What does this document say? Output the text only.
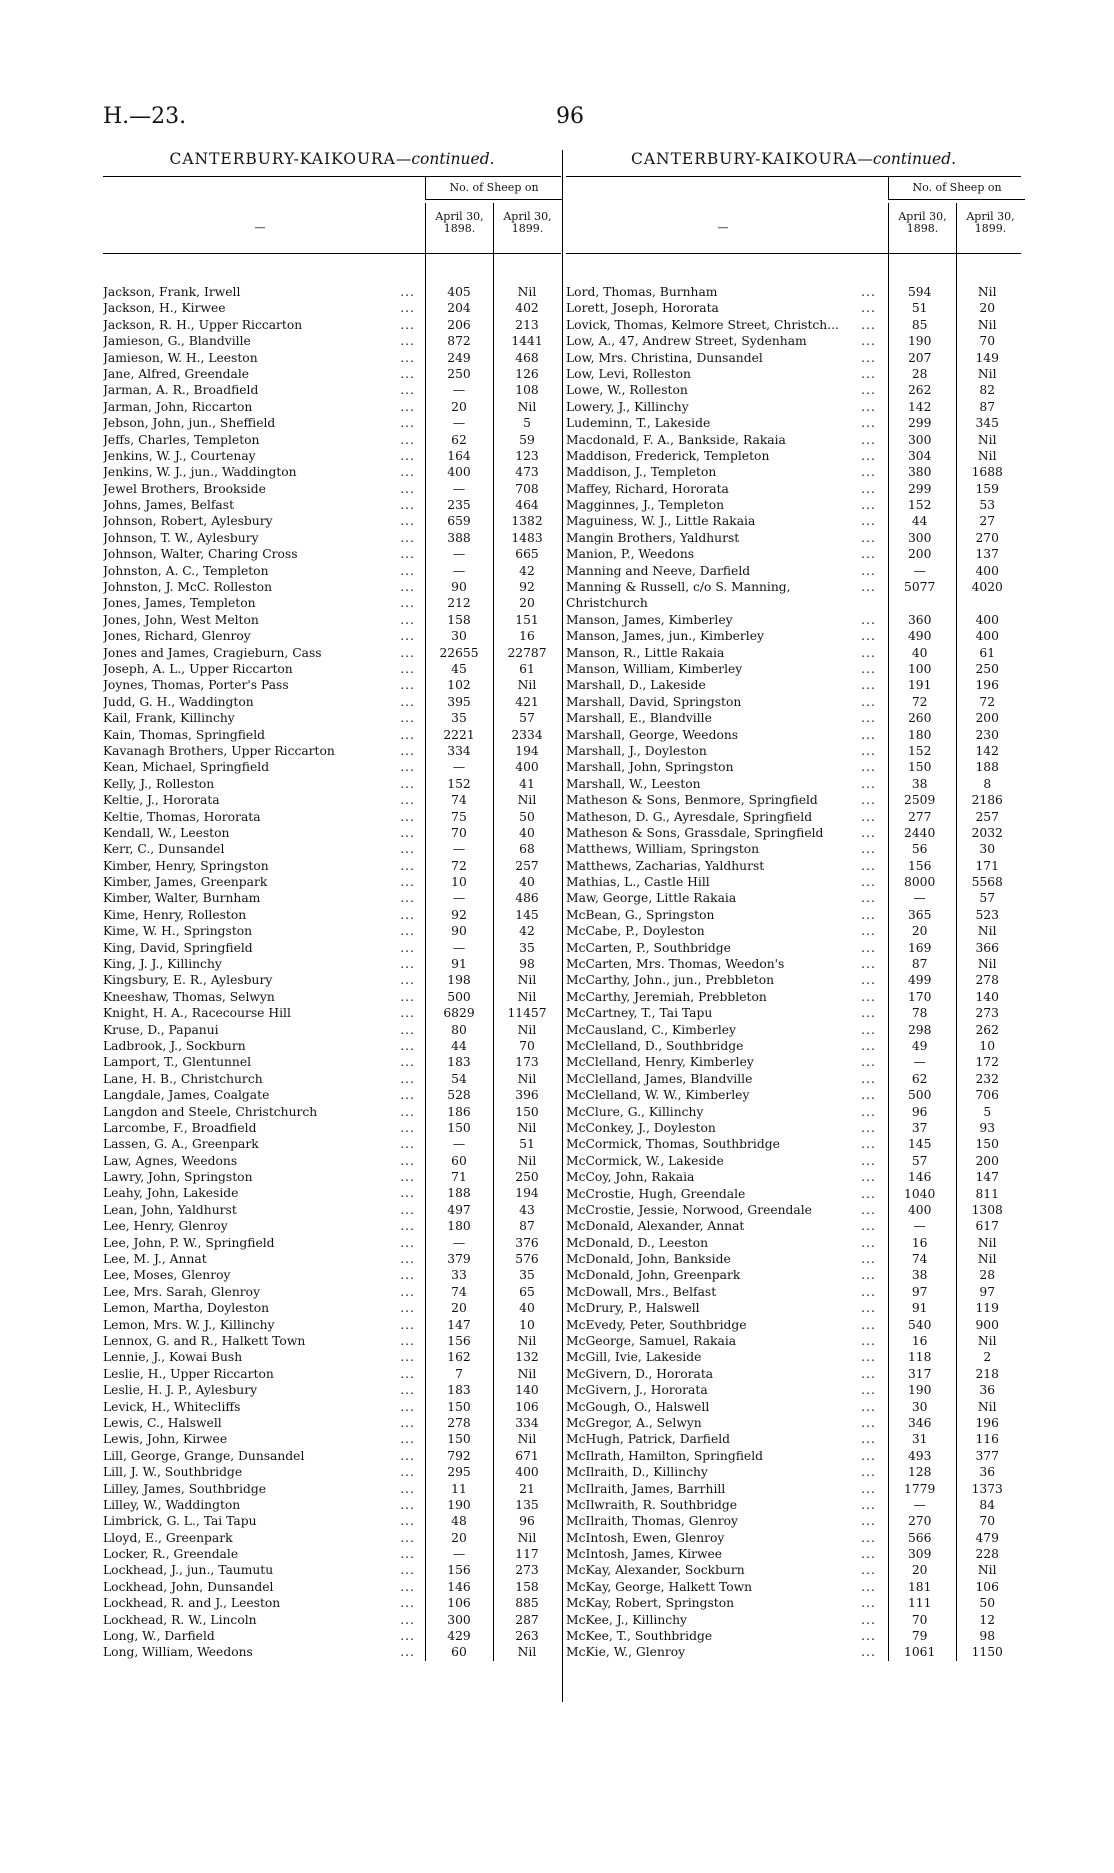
H.—23.	96
CANTERBURY-KAIKOURA—continued.
—
No. of Sheep on
April 30, 1898.
April 30, 1899.
Jackson, Frank, Irwell	...	405	Nil
Jackson, H., Kirwee	...	204	402
Jackson, R. H., Upper Riccarton	...	206	213
Jamieson, G., Blandville	...	872	1441
Jamieson, W. H., Leeston	...	249	468
Jane, Alfred, Greendale	...	250	126
Jarman, A. R., Broadfield	...	—	108
Jarman, John, Riccarton	...	20	Nil
Jebson, John, jun., Sheffield	...	—	5
Jeffs, Charles, Templeton	...	62	59
Jenkins, W. J., Courtenay	...	164	123
Jenkins, W. J., jun., Waddington	...	400	473
Jewel Brothers, Brookside	...	—	708
Johns, James, Belfast	...	235	464
Johnson, Robert, Aylesbury	...	659	1382
Johnson, T. W., Aylesbury	...	388	1483
Johnson, Walter, Charing Cross	...	—	665
Johnston, A. C., Templeton	...	—	42
Johnston, J. McC. Rolleston	...	90	92
Jones, James, Templeton	...	212	20
Jones, John, West Melton	...	158	151
Jones, Richard, Glenroy	...	30	16
Jones and James, Cragieburn, Cass	...	22655	22787
Joseph, A. L., Upper Riccarton	...	45	61
Joynes, Thomas, Porter's Pass	...	102	Nil
Judd, G. H., Waddington	...	395	421
Kail, Frank, Killinchy	...	35	57
Kain, Thomas, Springfield	...	2221	2334
Kavanagh Brothers, Upper Riccarton	...	334	194
Kean, Michael, Springfield	...	—	400
Kelly, J., Rolleston	...	152	41
Keltie, J., Hororata	...	74	Nil
Keltie, Thomas, Hororata	...	75	50
Kendall, W., Leeston	...	70	40
Kerr, C., Dunsandel	...	—	68
Kimber, Henry, Springston	...	72	257
Kimber, James, Greenpark	...	10	40
Kimber, Walter, Burnham	...	—	486
Kime, Henry, Rolleston	...	92	145
Kime, W. H., Springston	...	90	42
King, David, Springfield	...	—	35
King, J. J., Killinchy	...	91	98
Kingsbury, E. R., Aylesbury	...	198	Nil
Kneeshaw, Thomas, Selwyn	...	500	Nil
Knight, H. A., Racecourse Hill	...	6829	11457
Kruse, D., Papanui	...	80	Nil
Ladbrook, J., Sockburn	...	44	70
Lamport, T., Glentunnel	...	183	173
Lane, H. B., Christchurch	...	54	Nil
Langdale, James, Coalgate	...	528	396
Langdon and Steele, Christchurch	...	186	150
Larcombe, F., Broadfield	...	150	Nil
Lassen, G. A., Greenpark	...	—	51
Law, Agnes, Weedons	...	60	Nil
Lawry, John, Springston	...	71	250
Leahy, John, Lakeside	...	188	194
Lean, John, Yaldhurst	...	497	43
Lee, Henry, Glenroy	...	180	87
Lee, John, P. W., Springfield	...	—	376
Lee, M. J., Annat	...	379	576
Lee, Moses, Glenroy	...	33	35
Lee, Mrs. Sarah, Glenroy	...	74	65
Lemon, Martha, Doyleston	...	20	40
Lemon, Mrs. W. J., Killinchy	...	147	10
Lennox, G. and R., Halkett Town	...	156	Nil
Lennie, J., Kowai Bush	...	162	132
Leslie, H., Upper Riccarton	...	7	Nil
Leslie, H. J. P., Aylesbury	...	183	140
Levick, H., Whitecliffs	...	150	106
Lewis, C., Halswell	...	278	334
Lewis, John, Kirwee	...	150	Nil
Lill, George, Grange, Dunsandel	...	792	671
Lill, J. W., Southbridge	...	295	400
Lilley, James, Southbridge	...	11	21
Lilley, W., Waddington	...	190	135
Limbrick, G. L., Tai Tapu	...	48	96
Lloyd, E., Greenpark	...	20	Nil
Locker, R., Greendale	...	—	117
Lockhead, J., jun., Taumutu	...	156	273
Lockhead, John, Dunsandel	...	146	158
Lockhead, R. and J., Leeston	...	106	885
Lockhead, R. W., Lincoln	...	300	287
Long, W., Darfield	...	429	263
Long, William, Weedons	...	60	Nil
CANTERBURY-KAIKOURA—continued.
—
No. of Sheep on
April 30, 1898.
April 30, 1899.
Lord, Thomas, Burnham	...	594	Nil
Lorett, Joseph, Hororata	...	51	20
Lovick, Thomas, Kelmore Street, Christch... ...	85	Nil
Low, A., 47, Andrew Street, Sydenham	...	190	70
Low, Mrs. Christina, Dunsandel	...	207	149
Low, Levi, Rolleston	...	28	Nil
Lowe, W., Rolleston	...	262	82
Lowery, J., Killinchy	...	142	87
Ludeminn, T., Lakeside	...	299	345
Macdonald, F. A., Bankside, Rakaia	...	300	Nil
Maddison, Frederick, Templeton	...	304	Nil
Maddison, J., Templeton	...	380	1688
Maffey, Richard, Hororata	...	299	159
Magginnes, J., Templeton	...	152	53
Maguiness, W. J., Little Rakaia	...	44	27
Mangin Brothers, Yaldhurst	...	300	270
Manion, P., Weedons	...	200	137
Manning and Neeve, Darfield	...	—	400
Manning & Russell, c/o S. Manning, Christchurch
...	5077	4020
Manson, James, Kimberley	...	360	400
Manson, James, jun., Kimberley	...	490	400
Manson, R., Little Rakaia	...	40	61
Manson, William, Kimberley	...	100	250
Marshall, D., Lakeside	...	191	196
Marshall, David, Springston	...	72	72
Marshall, E., Blandville	...	260	200
Marshall, George, Weedons	...	180	230
Marshall, J., Doyleston	...	152	142
Marshall, John, Springston	...	150	188
Marshall, W., Leeston	...	38	8
Matheson & Sons, Benmore, Springfield	...	2509	2186
Matheson, D. G., Ayresdale, Springfield	...	277	257
Matheson & Sons, Grassdale, Springfield	...	2440	2032
Matthews, William, Springston	...	56	30
Matthews, Zacharias, Yaldhurst	...	156	171
Mathias, L., Castle Hill	...	8000	5568
Maw, George, Little Rakaia	...	—	57
McBean, G., Springston	...	365	523
McCabe, P., Doyleston	...	20	Nil
McCarten, P., Southbridge	...	169	366
McCarten, Mrs. Thomas, Weedon's	...	87	Nil
McCarthy, John., jun., Prebbleton	...	499	278
McCarthy, Jeremiah, Prebbleton	...	170	140
McCartney, T., Tai Tapu	...	78	273
McCausland, C., Kimberley	...	298	262
McClelland, D., Southbridge	...	49	10
McClelland, Henry, Kimberley	...	—	172
McClelland, James, Blandville	...	62	232
McClelland, W. W., Kimberley	...	500	706
McClure, G., Killinchy	...	96	5
McConkey, J., Doyleston	...	37	93
McCormick, Thomas, Southbridge	...	145	150
McCormick, W., Lakeside	...	57	200
McCoy, John, Rakaia	...	146	147
McCrostie, Hugh, Greendale	...	1040	811
McCrostie, Jessie, Norwood, Greendale	...	400	1308
McDonald, Alexander, Annat	...	—	617
McDonald, D., Leeston	...	16	Nil
McDonald, John, Bankside	...	74	Nil
McDonald, John, Greenpark	...	38	28
McDowall, Mrs., Belfast	...	97	97
McDrury, P., Halswell	...	91	119
McEvedy, Peter, Southbridge	...	540	900
McGeorge, Samuel, Rakaia	...	16	Nil
McGill, Ivie, Lakeside	...	118	2
McGivern, D., Hororata	...	317	218
McGivern, J., Hororata	...	190	36
McGough, O., Halswell	...	30	Nil
McGregor, A., Selwyn	...	346	196
McHugh, Patrick, Darfield	...	31	116
McIlrath, Hamilton, Springfield	...	493	377
McIlraith, D., Killinchy	...	128	36
McIlraith, James, Barrhill	...	1779	1373
McIlwraith, R. Southbridge	...	—	84
McIlraith, Thomas, Glenroy	...	270	70
McIntosh, Ewen, Glenroy	...	566	479
McIntosh, James, Kirwee	...	309	228
McKay, Alexander, Sockburn	...	20	Nil
McKay, George, Halkett Town	...	181	106
McKay, Robert, Springston	...	111	50
McKee, J., Killinchy	...	70	12
McKee, T., Southbridge	...	79	98
McKie, W., Glenroy	...	1061	1150
